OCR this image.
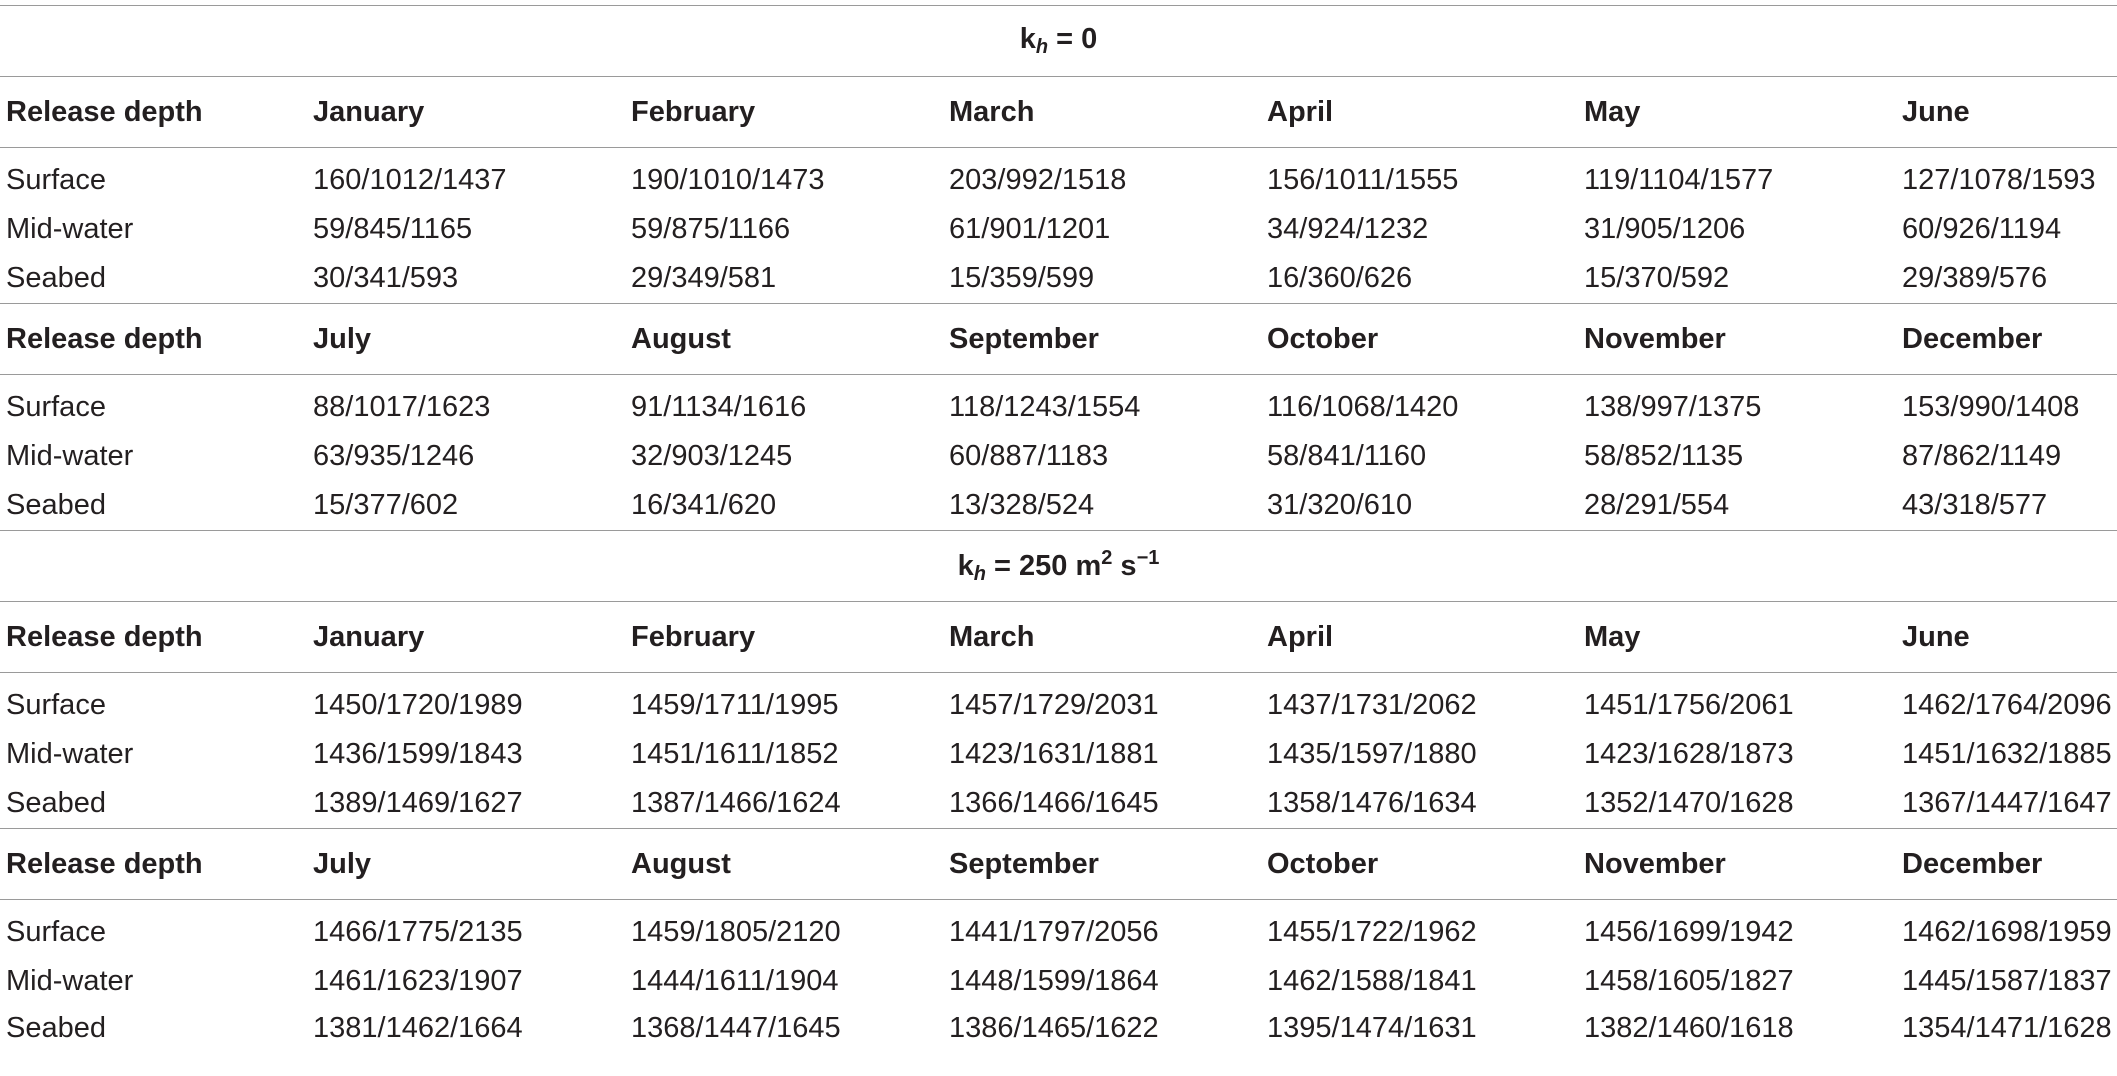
$k_h = 0$						
Release depth	January	February	March	April	May	June
Surface	160/1012/1437	190/1010/1473	203/992/1518	156/1011/1555	119/1104/1577	127/1078/1593
Mid-water	59/845/1165	59/875/1166	61/901/1201	34/924/1232	31/905/1206	60/926/1194
Seabed	30/341/593	29/349/581	15/359/599	16/360/626	15/370/592	29/389/576
Release depth	July	August	September	October	November	December
Surface	88/1017/1623	91/1134/1616	118/1243/1554	116/1068/1420	138/997/1375	153/990/1408
Mid-water	63/935/1246	32/903/1245	60/887/1183	58/841/1160	58/852/1135	87/862/1149
Seabed	15/377/602	16/341/620	13/328/524	31/320/610	28/291/554	43/318/577
$k_h = 250$ $m^2$ $s^{-1}$
Release depth	January	February	March	April	May	June
Surface	1450/1720/1989	1459/1711/1995	1457/1729/2031	1437/1731/2062	1451/1756/2061	1462/1764/2096
Mid-water	1436/1599/1843	1451/1611/1852	1423/1631/1881	1435/1597/1880	1423/1628/1873	1451/1632/1885
Seabed	1389/1469/1627	1387/1466/1624	1366/1466/1645	1358/1476/1634	1352/1470/1628	1367/1447/1647
Release depth	July	August	September	October	November	December
Surface	1466/1775/2135	1459/1805/2120	1441/1797/2056	1455/1722/1962	1456/1699/1942	1462/1698/1959
Mid-water	1461/1623/1907	1444/1611/1904	1448/1599/1864	1462/1588/1841	1458/1605/1827	1445/1587/1837
Seabed	1381/1462/1664	1368/1447/1645	1386/1465/1622	1395/1474/1631	1382/1460/1618	1354/1471/1628
